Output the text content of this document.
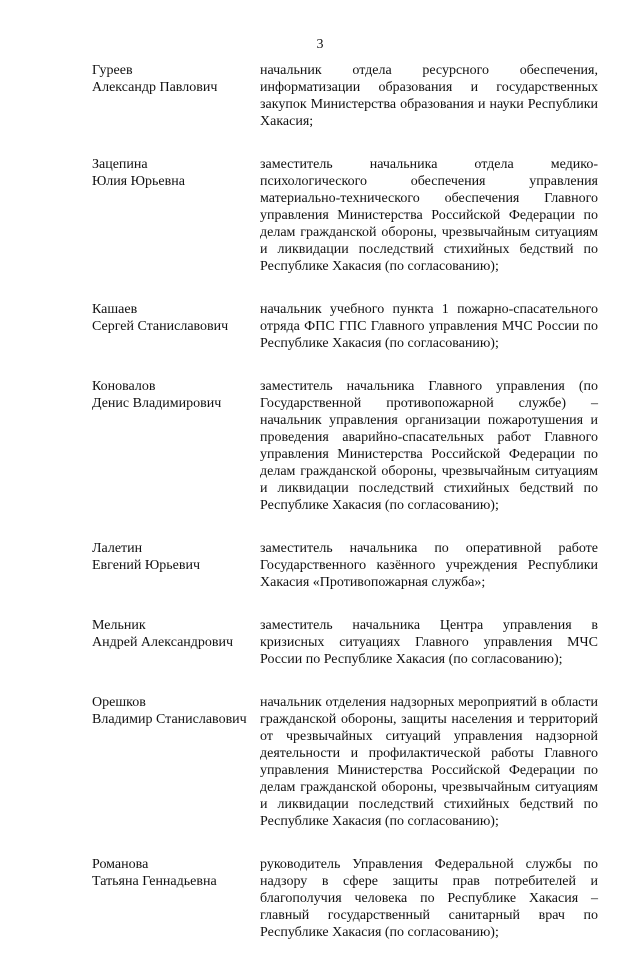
3
Гуреев
Александр Павлович
начальник отдела ресурсного обеспечения, информатизации образования и государственных закупок Министерства образования и науки Республики Хакасия;
Зацепина
Юлия Юрьевна
заместитель начальника отдела медико-психологического обеспечения управления материально-технического обеспечения Главного управления Министерства Российской Федерации по делам гражданской обороны, чрезвычайным ситуациям и ликвидации последствий стихийных бедствий по Республике Хакасия (по согласованию);
Кашаев
Сергей Станиславович
начальник учебного пункта 1 пожарно-спасательного отряда ФПС ГПС Главного управления МЧС России по Республике Хакасия (по согласованию);
Коновалов
Денис Владимирович
заместитель начальника Главного управления (по Государственной противопожарной службе) – начальник управления организации пожаротушения и проведения аварийно-спасательных работ Главного управления Министерства Российской Федерации по делам гражданской обороны, чрезвычайным ситуациям и ликвидации последствий стихийных бедствий по Республике Хакасия (по согласованию);
Лалетин
Евгений Юрьевич
заместитель начальника по оперативной работе Государственного казённого учреждения Республики Хакасия «Противопожарная служба»;
Мельник
Андрей Александрович
заместитель начальника Центра управления в кризисных ситуациях Главного управления МЧС России по Республике Хакасия (по согласованию);
Орешков
Владимир Станиславович
начальник отделения надзорных мероприятий в области гражданской обороны, защиты населения и территорий от чрезвычайных ситуаций управления надзорной деятельности и профилактической работы Главного управления Министерства Российской Федерации по делам гражданской обороны, чрезвычайным ситуациям и ликвидации последствий стихийных бедствий по Республике Хакасия (по согласованию);
Романова
Татьяна Геннадьевна
руководитель Управления Федеральной службы по надзору в сфере защиты прав потребителей и благополучия человека по Республике Хакасия – главный государственный санитарный врач по Республике Хакасия (по согласованию);
